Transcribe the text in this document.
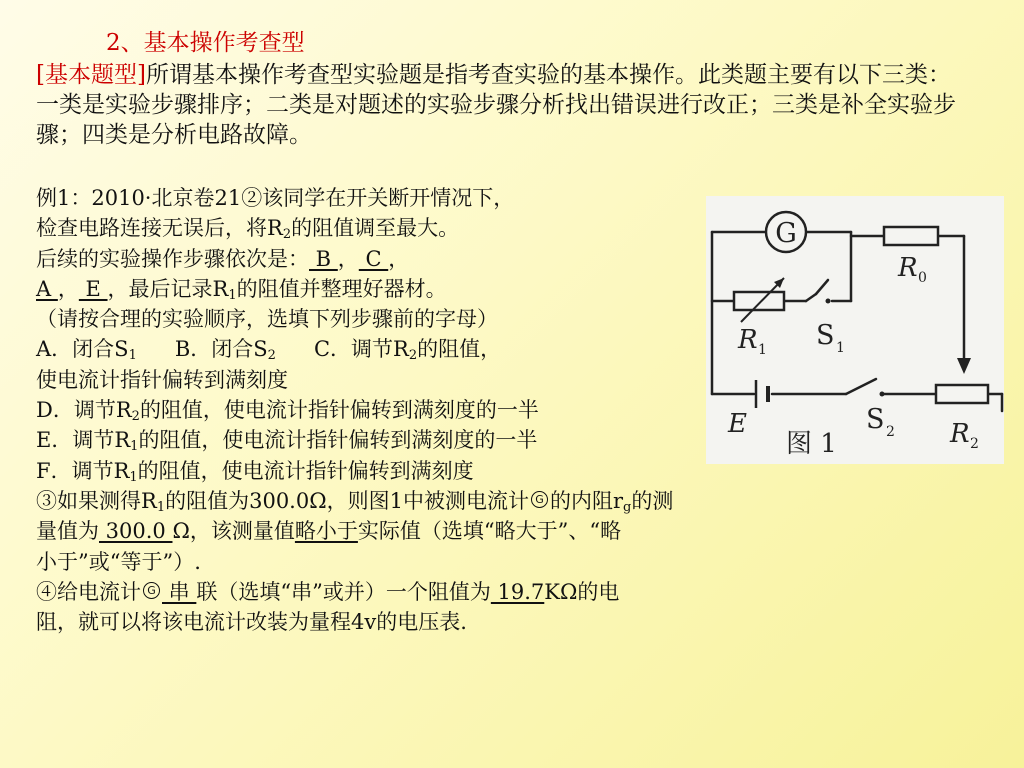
2、基本操作考查型
[基本题型]所谓基本操作考查型实验题是指考查实验的基本操作。此类题主要有以下三类：一类是实验步骤排序；二类是对题述的实验步骤分析找出错误进行改正；三类是补全实验步骤；四类是分析电路故障。
例1：2010·北京卷21②该同学在开关断开情况下，
检查电路连接无误后，将$R_2$的阻值调至最大。
后续的实验操作步骤依次是： B ， C ，
A ， E ，最后记录$R_1$的阻值并整理好器材。
（请按合理的实验顺序，选填下列步骤前的字母）
A．闭合$S_1$ B．闭合$S_2$ C．调节$R_2$的阻值，
使电流计指针偏转到满刻度
D．调节$R_2$的阻值，使电流计指针偏转到满刻度的一半
E．调节$R_1$的阻值，使电流计指针偏转到满刻度的一半
F．调节$R_1$的阻值，使电流计指针偏转到满刻度
③如果测得$R_1$的阻值为300.0Ω，则图1中被测电流计 G 的内阻$r_g$的测
量值为 300.0 Ω，该测量值略小于实际值（选填“略大于”、“略
小于”或“等于”）.
④给电流计 G 串 联（选填“串”或并）一个阻值为 19.7KΩ的电
阻，就可以将该电流计改装为量程4v的电压表.
G
R 0
R 1 S 1
E	S 2 R 2
图 1
